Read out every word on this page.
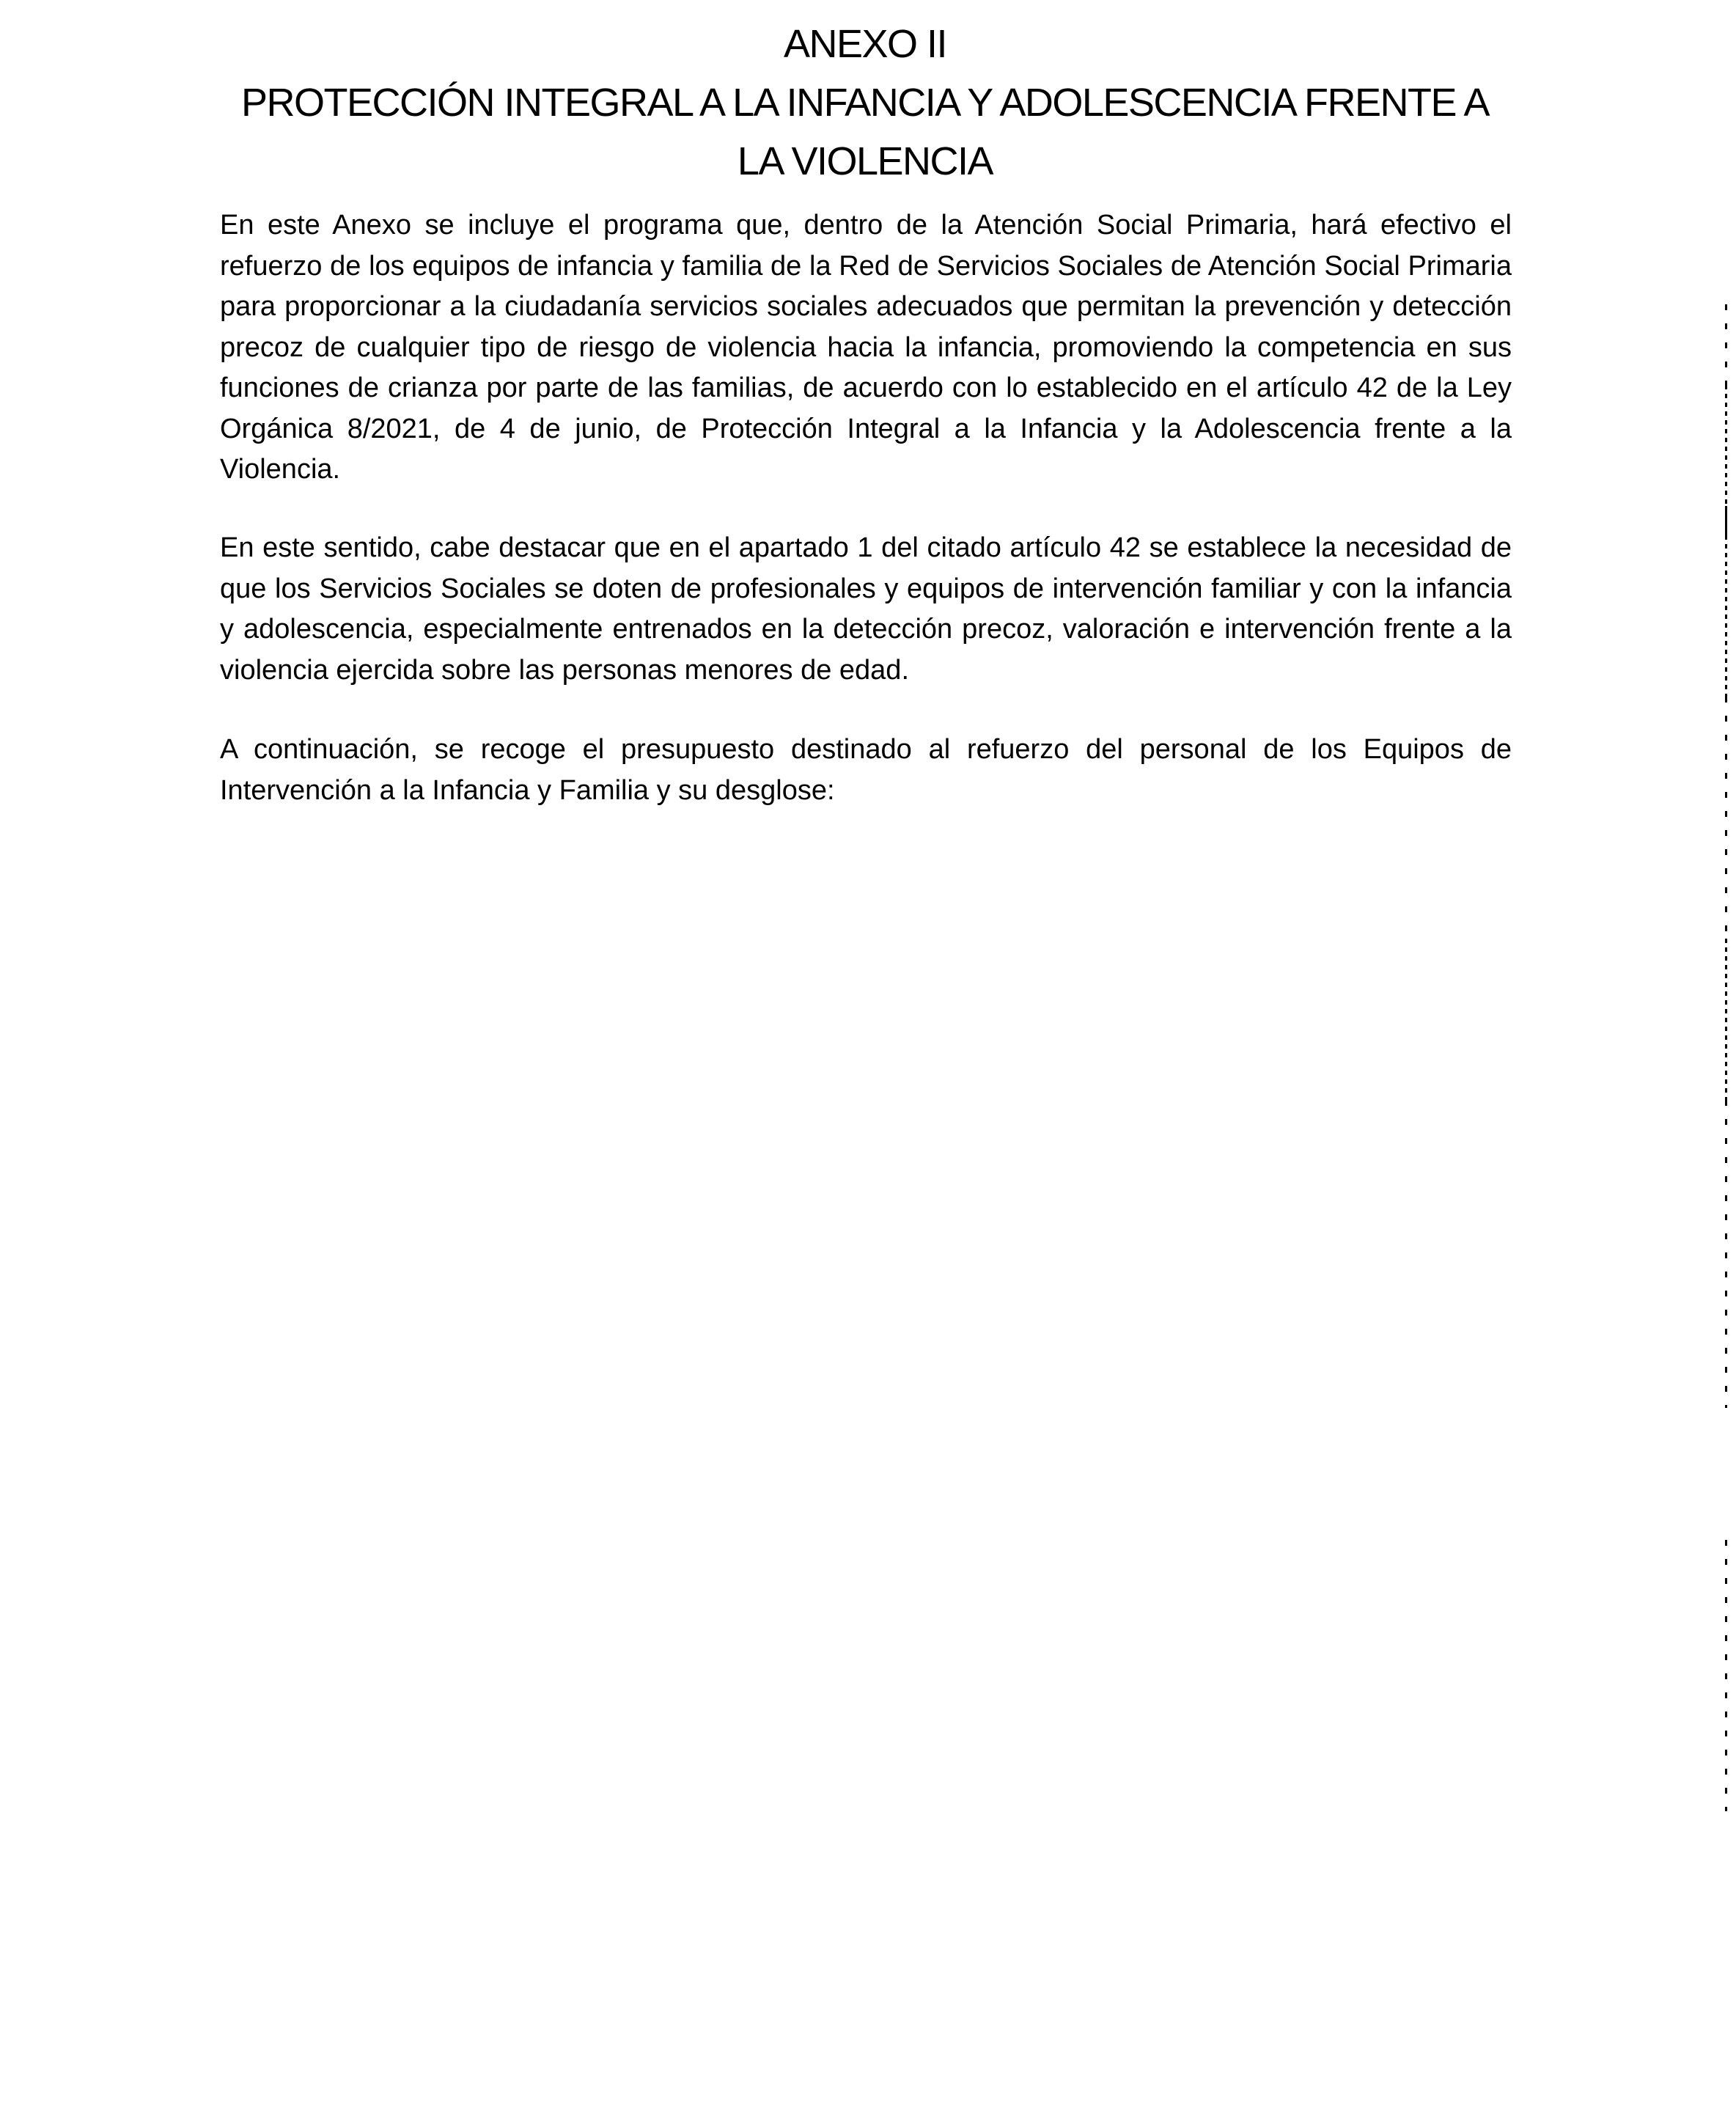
ANEXO II
PROTECCIÓN INTEGRAL A LA INFANCIA Y ADOLESCENCIA FRENTE A
LA VIOLENCIA

En este Anexo se incluye el programa que, dentro de la Atención Social Primaria, hará efectivo el refuerzo de los equipos de infancia y familia de la Red de Servicios Sociales de Atención Social Primaria para proporcionar a la ciudadanía servicios sociales adecuados que permitan la prevención y detección precoz de cualquier tipo de riesgo de violencia hacia la infancia, promoviendo la competencia en sus funciones de crianza por parte de las familias, de acuerdo con lo establecido en el artículo 42 de la Ley Orgánica 8/2021, de 4 de junio, de Protección Integral a la Infancia y la Adolescencia frente a la Violencia.

En este sentido, cabe destacar que en el apartado 1 del citado artículo 42 se establece la necesidad de que los Servicios Sociales se doten de profesionales y equipos de intervención familiar y con la infancia y adolescencia, especialmente entrenados en la detección precoz, valoración e intervención frente a la violencia ejercida sobre las personas menores de edad.

A continuación, se recoge el presupuesto destinado al refuerzo del personal de los Equipos de Intervención a la Infancia y Familia y su desglose:
